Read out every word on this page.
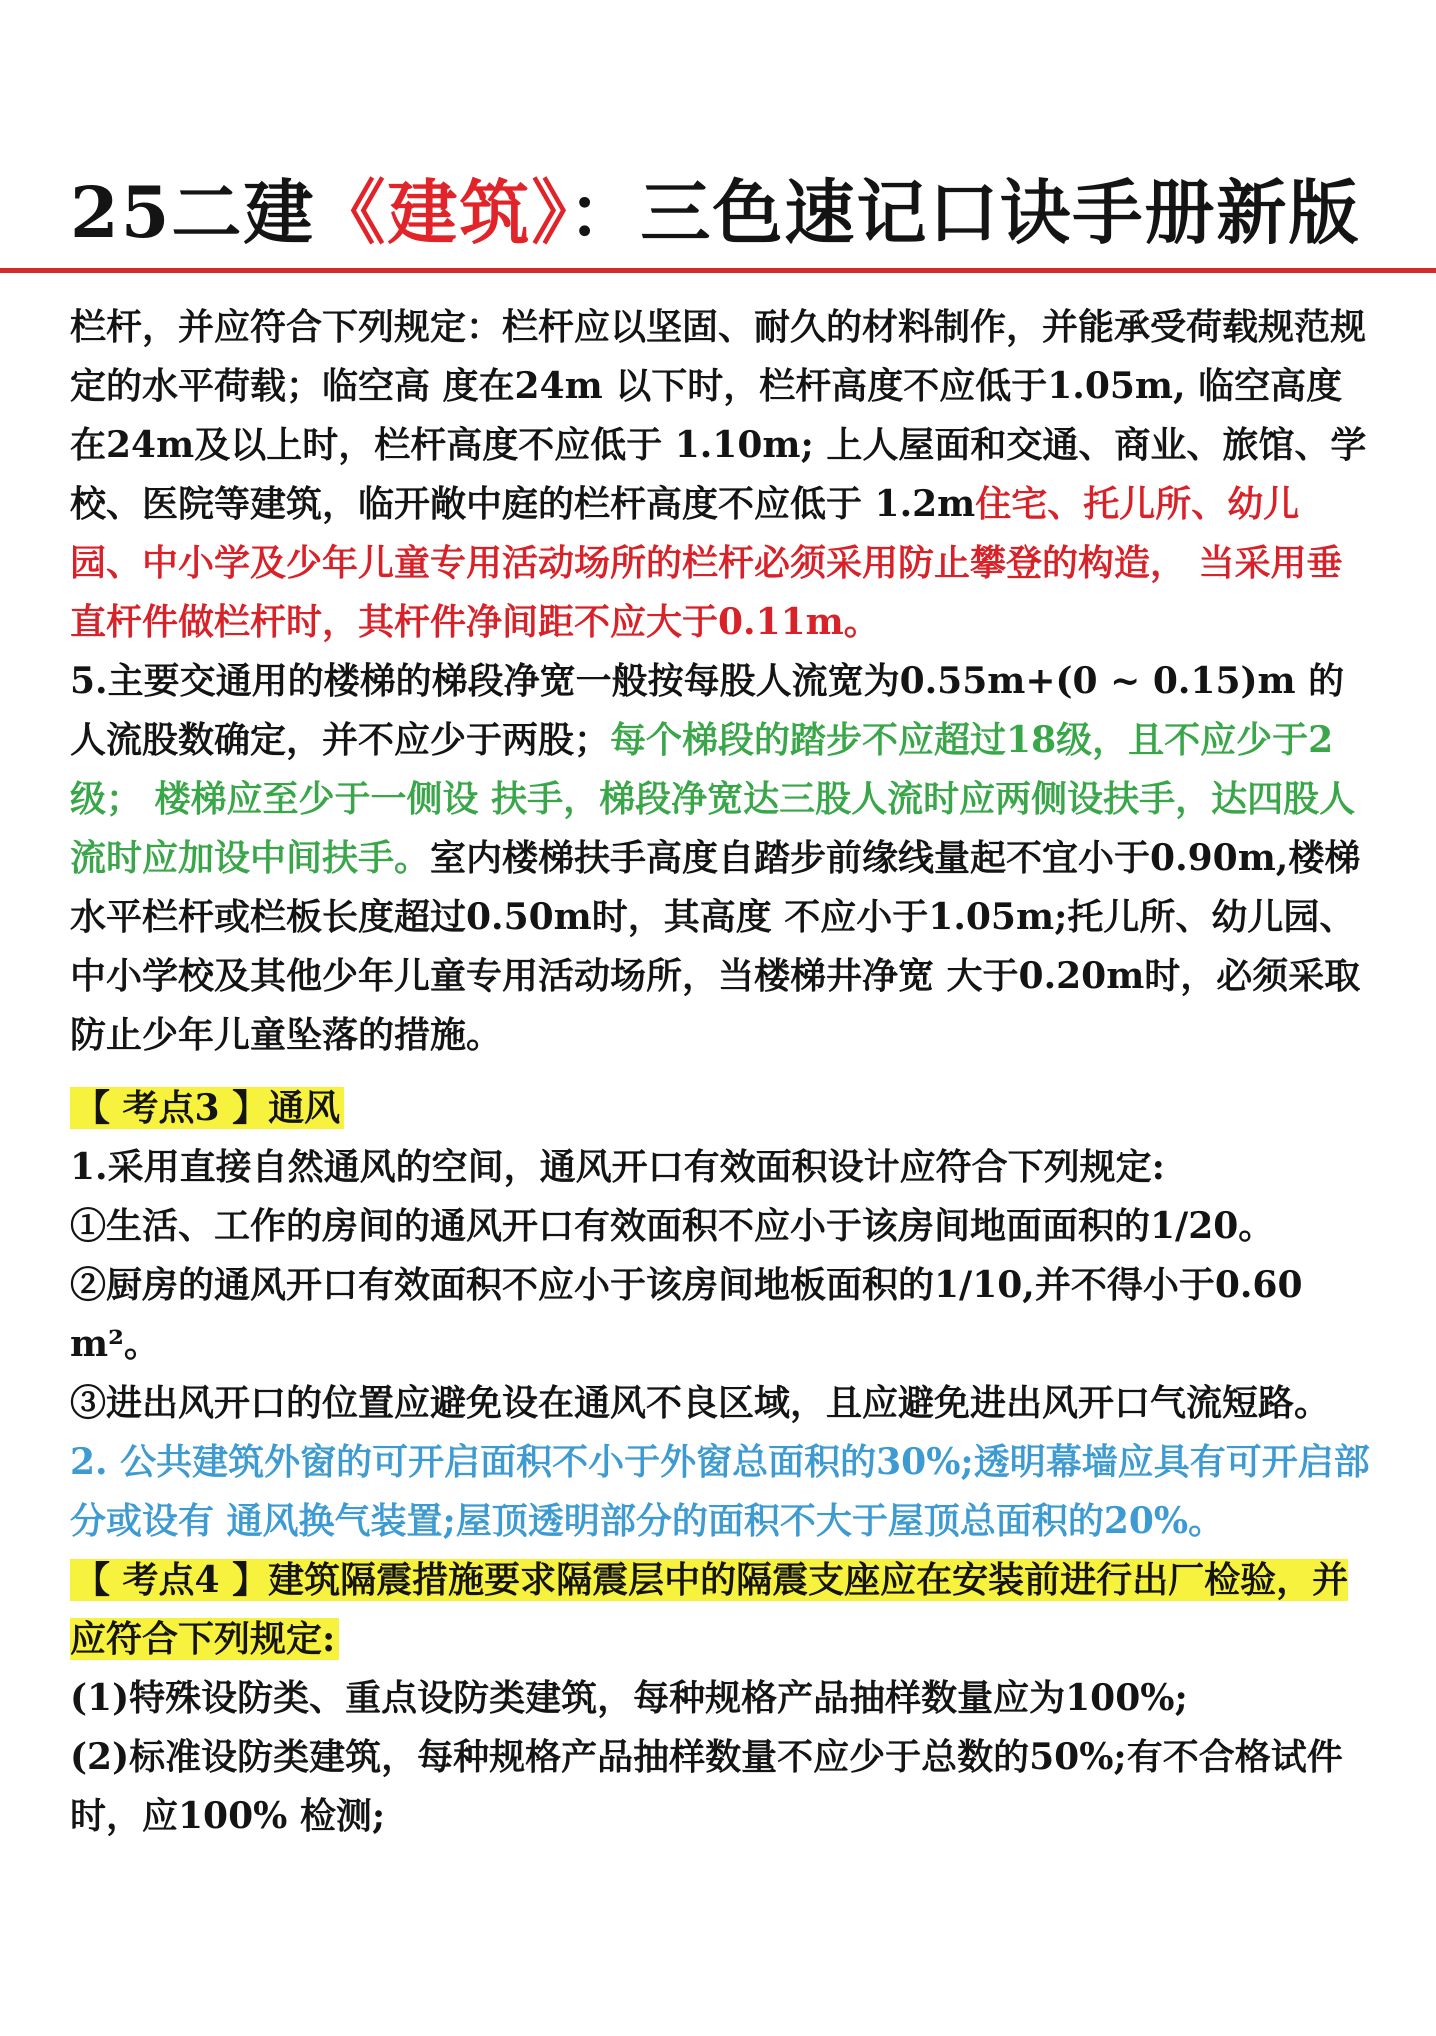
25二建《建筑》：三色速记口诀手册新版

栏杆，并应符合下列规定：栏杆应以坚固、耐久的材料制作，并能承受荷载规范规定的水平荷载；临空高 度在24m 以下时，栏杆高度不应低于1.05m, 临空高度在24m及以上时，栏杆高度不应低于 1.10m; 上人屋面和交通、商业、旅馆、学校、医院等建筑，临开敞中庭的栏杆高度不应低于 1.2m住宅、托儿所、幼儿园、中小学及少年儿童专用活动场所的栏杆必须采用防止攀登的构造， 当采用垂直杆件做栏杆时，其杆件净间距不应大于0.11m。

5.主要交通用的楼梯的梯段净宽一般按每股人流宽为0.55m+(0 ~ 0.15)m 的人流股数确定，并不应少于两股；每个梯段的踏步不应超过18级，且不应少于2级； 楼梯应至少于一侧设 扶手，梯段净宽达三股人流时应两侧设扶手，达四股人流时应加设中间扶手。室内楼梯扶手高度自踏步前缘线量起不宜小于0.90m,楼梯水平栏杆或栏板长度超过0.50m时，其高度 不应小于1.05m;托儿所、幼儿园、中小学校及其他少年儿童专用活动场所，当楼梯井净宽 大于0.20m时，必须采取防止少年儿童坠落的措施。

【 考点3 】通风

1.采用直接自然通风的空间，通风开口有效面积设计应符合下列规定:

①生活、工作的房间的通风开口有效面积不应小于该房间地面面积的1/20。

②厨房的通风开口有效面积不应小于该房间地板面积的1/10,并不得小于0.60 m²。

③进出风开口的位置应避免设在通风不良区域，且应避免进出风开口气流短路。

2. 公共建筑外窗的可开启面积不小于外窗总面积的30%;透明幕墙应具有可开启部分或设有 通风换气装置;屋顶透明部分的面积不大于屋顶总面积的20%。

【 考点4 】建筑隔震措施要求隔震层中的隔震支座应在安装前进行出厂检验，并应符合下列规定:

(1)特殊设防类、重点设防类建筑，每种规格产品抽样数量应为100%;

(2)标准设防类建筑，每种规格产品抽样数量不应少于总数的50%;有不合格试件时，应100% 检测;
